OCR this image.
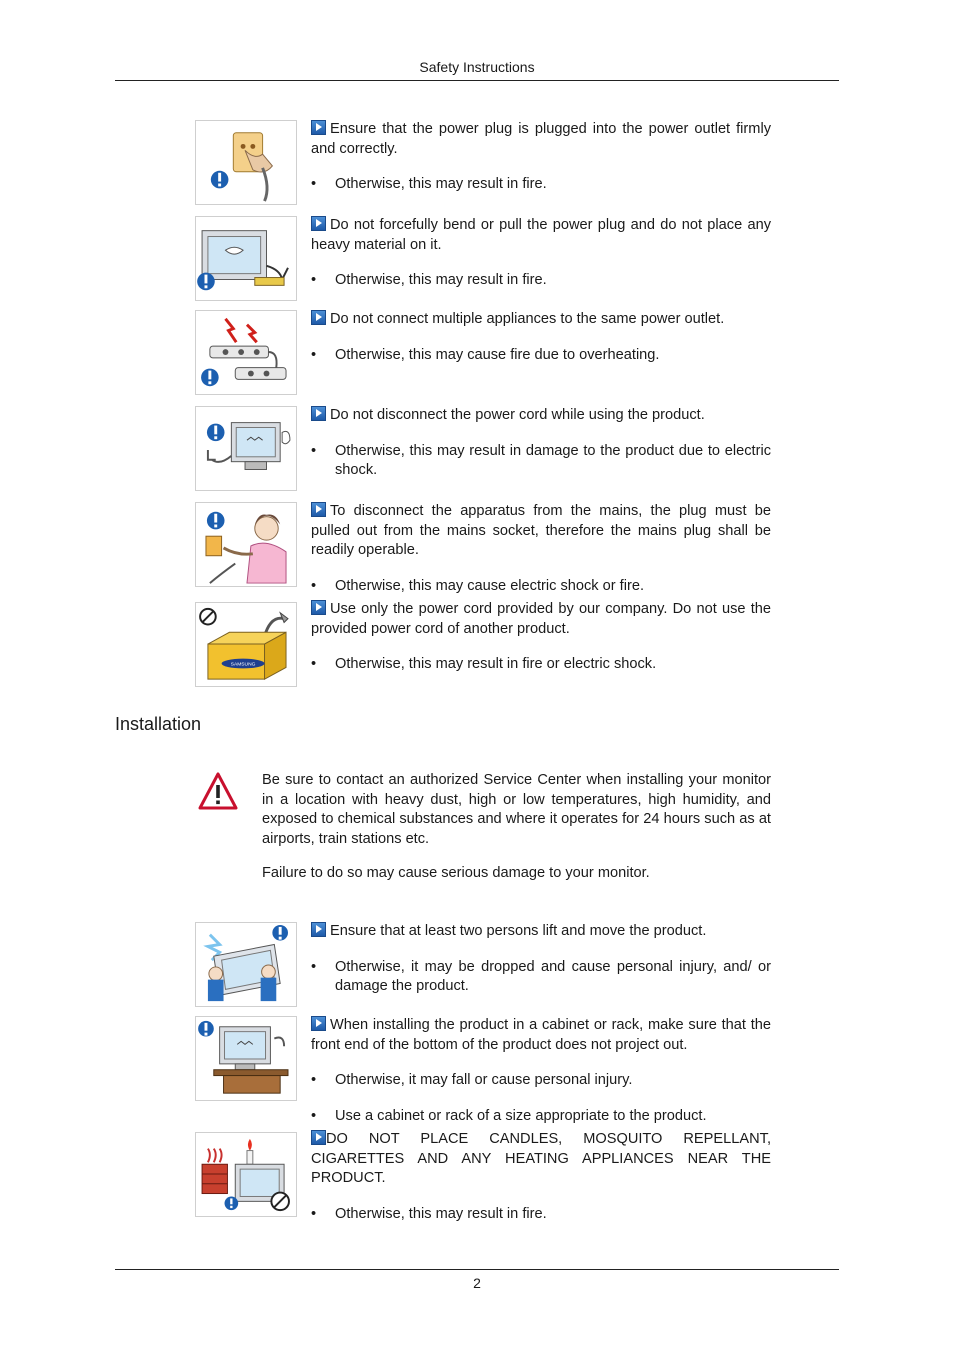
Safety Instructions

Ensure that the power plug is plugged into the power outlet firmly and correctly.

• Otherwise, this may result in fire.

Do not forcefully bend or pull the power plug and do not place any heavy material on it.

• Otherwise, this may result in fire.

Do not connect multiple appliances to the same power outlet.

• Otherwise, this may cause fire due to overheating.

Do not disconnect the power cord while using the product.

• Otherwise, this may result in damage to the product due to electric shock.

To disconnect the apparatus from the mains, the plug must be pulled out from the mains socket, therefore the mains plug shall be readily operable.

• Otherwise, this may cause electric shock or fire.
SAMSUNG

Use only the power cord provided by our company. Do not use the provided power cord of another product.

• Otherwise, this may result in fire or electric shock.
Installation

Be sure to contact an authorized Service Center when installing your monitor in a location with heavy dust, high or low temperatures, high humidity, and exposed to chemical substances and where it operates for 24 hours such as at airports, train stations etc.

Failure to do so may cause serious damage to your monitor.

Ensure that at least two persons lift and move the product.

• Otherwise, it may be dropped and cause personal injury, and/ or damage the product.

When installing the product in a cabinet or rack, make sure that the front end of the bottom of the product does not project out.

• Otherwise, it may fall or cause personal injury.
• Use a cabinet or rack of a size appropriate to the product.

DO NOT PLACE CANDLES, MOSQUITO REPELLANT, CIGARETTES AND ANY HEATING APPLIANCES NEAR THE PRODUCT.

• Otherwise, this may result in fire.
2
